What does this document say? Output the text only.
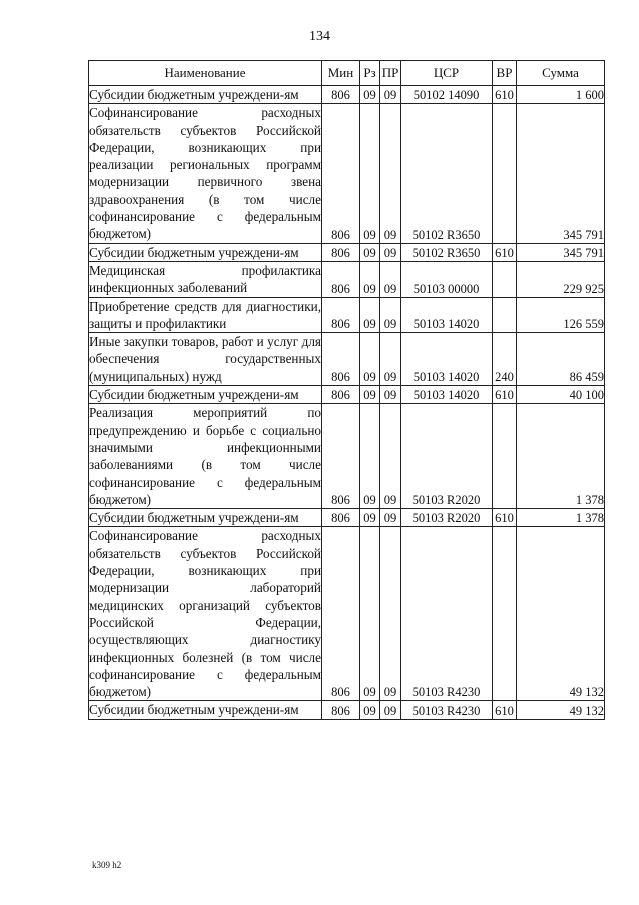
134
Наименование	Мин	Рз	ПР	ЦСР	ВР	Сумма
Субсидии бюджетным учреждени-ям	806	09	09	50102 14090	610	1 600
Софинансирование расходных обязательств субъектов Российской Федерации, возникающих при реализации региональных программ модернизации первичного звена здравоохранения (в том числе софинансирование с федеральным бюджетом)	806	09	09	50102 R3650		345 791
Субсидии бюджетным учреждени-ям	806	09	09	50102 R3650	610	345 791
Медицинская профилактика инфекционных заболеваний	806	09	09	50103 00000		229 925
Приобретение средств для диагностики, защиты и профилактики	806	09	09	50103 14020		126 559
Иные закупки товаров, работ и услуг для обеспечения государственных (муниципальных) нужд	806	09	09	50103 14020	240	86 459
Субсидии бюджетным учреждени-ям	806	09	09	50103 14020	610	40 100
Реализация мероприятий по предупреждению и борьбе с социально значимыми инфекционными заболеваниями (в том числе софинансирование с федеральным бюджетом)	806	09	09	50103 R2020		1 378
Субсидии бюджетным учреждени-ям	806	09	09	50103 R2020	610	1 378
Софинансирование расходных обязательств субъектов Российской Федерации, возникающих при модернизации лабораторий медицинских организаций субъектов Российской Федерации, осуществляющих диагностику инфекционных болезней (в том числе софинансирование с федеральным бюджетом)	806	09	09	50103 R4230		49 132
Субсидии бюджетным учреждени-ям	806	09	09	50103 R4230	610	49 132
k309 h2
